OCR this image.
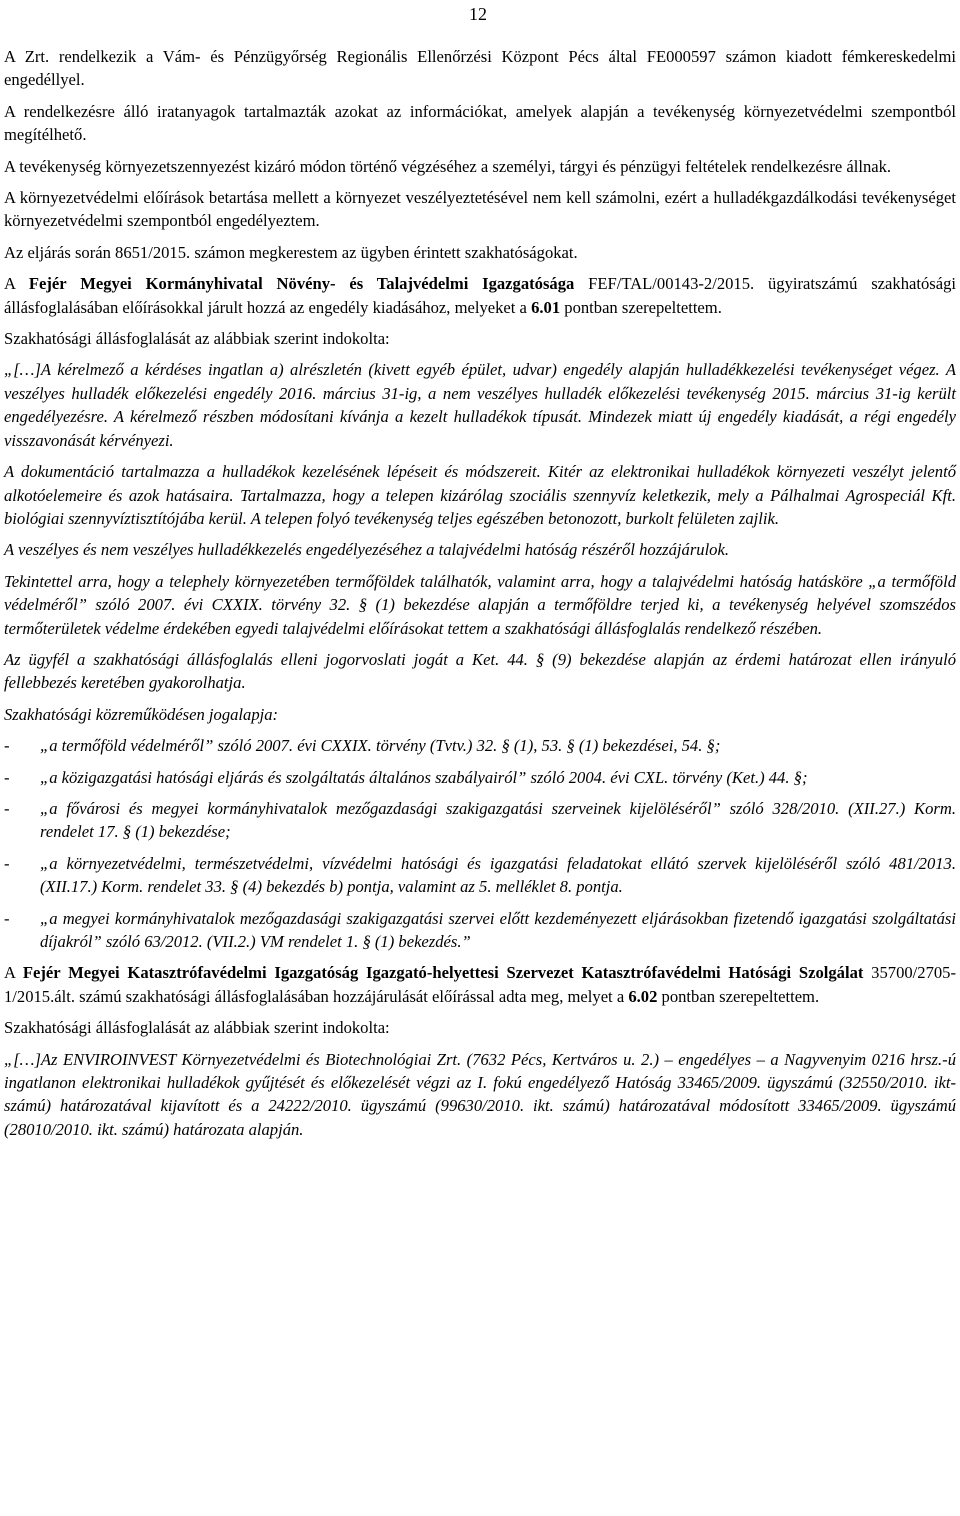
12

A Zrt. rendelkezik a Vám- és Pénzügyőrség Regionális Ellenőrzési Központ Pécs által FE000597 számon kiadott fémkereskedelmi engedéllyel.

A rendelkezésre álló iratanyagok tartalmazták azokat az információkat, amelyek alapján a tevékenység környezetvédelmi szempontból megítélhető.

A tevékenység környezetszennyezést kizáró módon történő végzéséhez a személyi, tárgyi és pénzügyi feltételek rendelkezésre állnak.

A környezetvédelmi előírások betartása mellett a környezet veszélyeztetésével nem kell számolni, ezért a hulladékgazdálkodási tevékenységet környezetvédelmi szempontból engedélyeztem.

Az eljárás során 8651/2015. számon megkerestem az ügyben érintett szakhatóságokat.

A Fejér Megyei Kormányhivatal Növény- és Talajvédelmi Igazgatósága FEF/TAL/00143-2/2015. ügyiratszámú szakhatósági állásfoglalásában előírásokkal járult hozzá az engedély kiadásához, melyeket a 6.01 pontban szerepeltettem.

Szakhatósági állásfoglalását az alábbiak szerint indokolta:

„[…]A kérelmező a kérdéses ingatlan a) alrészletén (kivett egyéb épület, udvar) engedély alapján hulladékkezelési tevékenységet végez. A veszélyes hulladék előkezelési engedély 2016. március 31-ig, a nem veszélyes hulladék előkezelési tevékenység 2015. március 31-ig került engedélyezésre. A kérelmező részben módosítani kívánja a kezelt hulladékok típusát. Mindezek miatt új engedély kiadását, a régi engedély visszavonását kérvényezi.

A dokumentáció tartalmazza a hulladékok kezelésének lépéseit és módszereit. Kitér az elektronikai hulladékok környezeti veszélyt jelentő alkotóelemeire és azok hatásaira. Tartalmazza, hogy a telepen kizárólag szociális szennyvíz keletkezik, mely a Pálhalmai Agrospeciál Kft. biológiai szennyvíztisztítójába kerül. A telepen folyó tevékenység teljes egészében betonozott, burkolt felületen zajlik.

A veszélyes és nem veszélyes hulladékkezelés engedélyezéséhez a talajvédelmi hatóság részéről hozzájárulok.

Tekintettel arra, hogy a telephely környezetében termőföldek találhatók, valamint arra, hogy a talajvédelmi hatóság hatásköre „a termőföld védelméről” szóló 2007. évi CXXIX. törvény 32. § (1) bekezdése alapján a termőföldre terjed ki, a tevékenység helyével szomszédos termőterületek védelme érdekében egyedi talajvédelmi előírásokat tettem a szakhatósági állásfoglalás rendelkező részében.

Az ügyfél a szakhatósági állásfoglalás elleni jogorvoslati jogát a Ket. 44. § (9) bekezdése alapján az érdemi határozat ellen irányuló fellebbezés keretében gyakorolhatja.

Szakhatósági közreműködésen jogalapja:

- „a termőföld védelméről” szóló 2007. évi CXXIX. törvény (Tvtv.) 32. § (1), 53. § (1) bekezdései, 54. §;
- „a közigazgatási hatósági eljárás és szolgáltatás általános szabályairól” szóló 2004. évi CXL. törvény (Ket.) 44. §;
- „a fővárosi és megyei kormányhivatalok mezőgazdasági szakigazgatási szerveinek kijelöléséről” szóló 328/2010. (XII.27.) Korm. rendelet 17. § (1) bekezdése;
- „a környezetvédelmi, természetvédelmi, vízvédelmi hatósági és igazgatási feladatokat ellátó szervek kijelöléséről szóló 481/2013. (XII.17.) Korm. rendelet 33. § (4) bekezdés b) pontja, valamint az 5. melléklet 8. pontja.
- „a megyei kormányhivatalok mezőgazdasági szakigazgatási szervei előtt kezdeményezett eljárásokban fizetendő igazgatási szolgáltatási díjakról” szóló 63/2012. (VII.2.) VM rendelet 1. § (1) bekezdés.”

A Fejér Megyei Katasztrófavédelmi Igazgatóság Igazgató-helyettesi Szervezet Katasztrófavédelmi Hatósági Szolgálat 35700/2705-1/2015.ált. számú szakhatósági állásfoglalásában hozzájárulását előírással adta meg, melyet a 6.02 pontban szerepeltettem.

Szakhatósági állásfoglalását az alábbiak szerint indokolta:

„[…]Az ENVIROINVEST Környezetvédelmi és Biotechnológiai Zrt. (7632 Pécs, Kertváros u. 2.) – engedélyes – a Nagyvenyim 0216 hrsz.-ú ingatlanon elektronikai hulladékok gyűjtését és előkezelését végzi az I. fokú engedélyező Hatóság 33465/2009. ügyszámú (32550/2010. ikt-számú) határozatával kijavított és a 24222/2010. ügyszámú (99630/2010. ikt. számú) határozatával módosított 33465/2009. ügyszámú (28010/2010. ikt. számú) határozata alapján.
